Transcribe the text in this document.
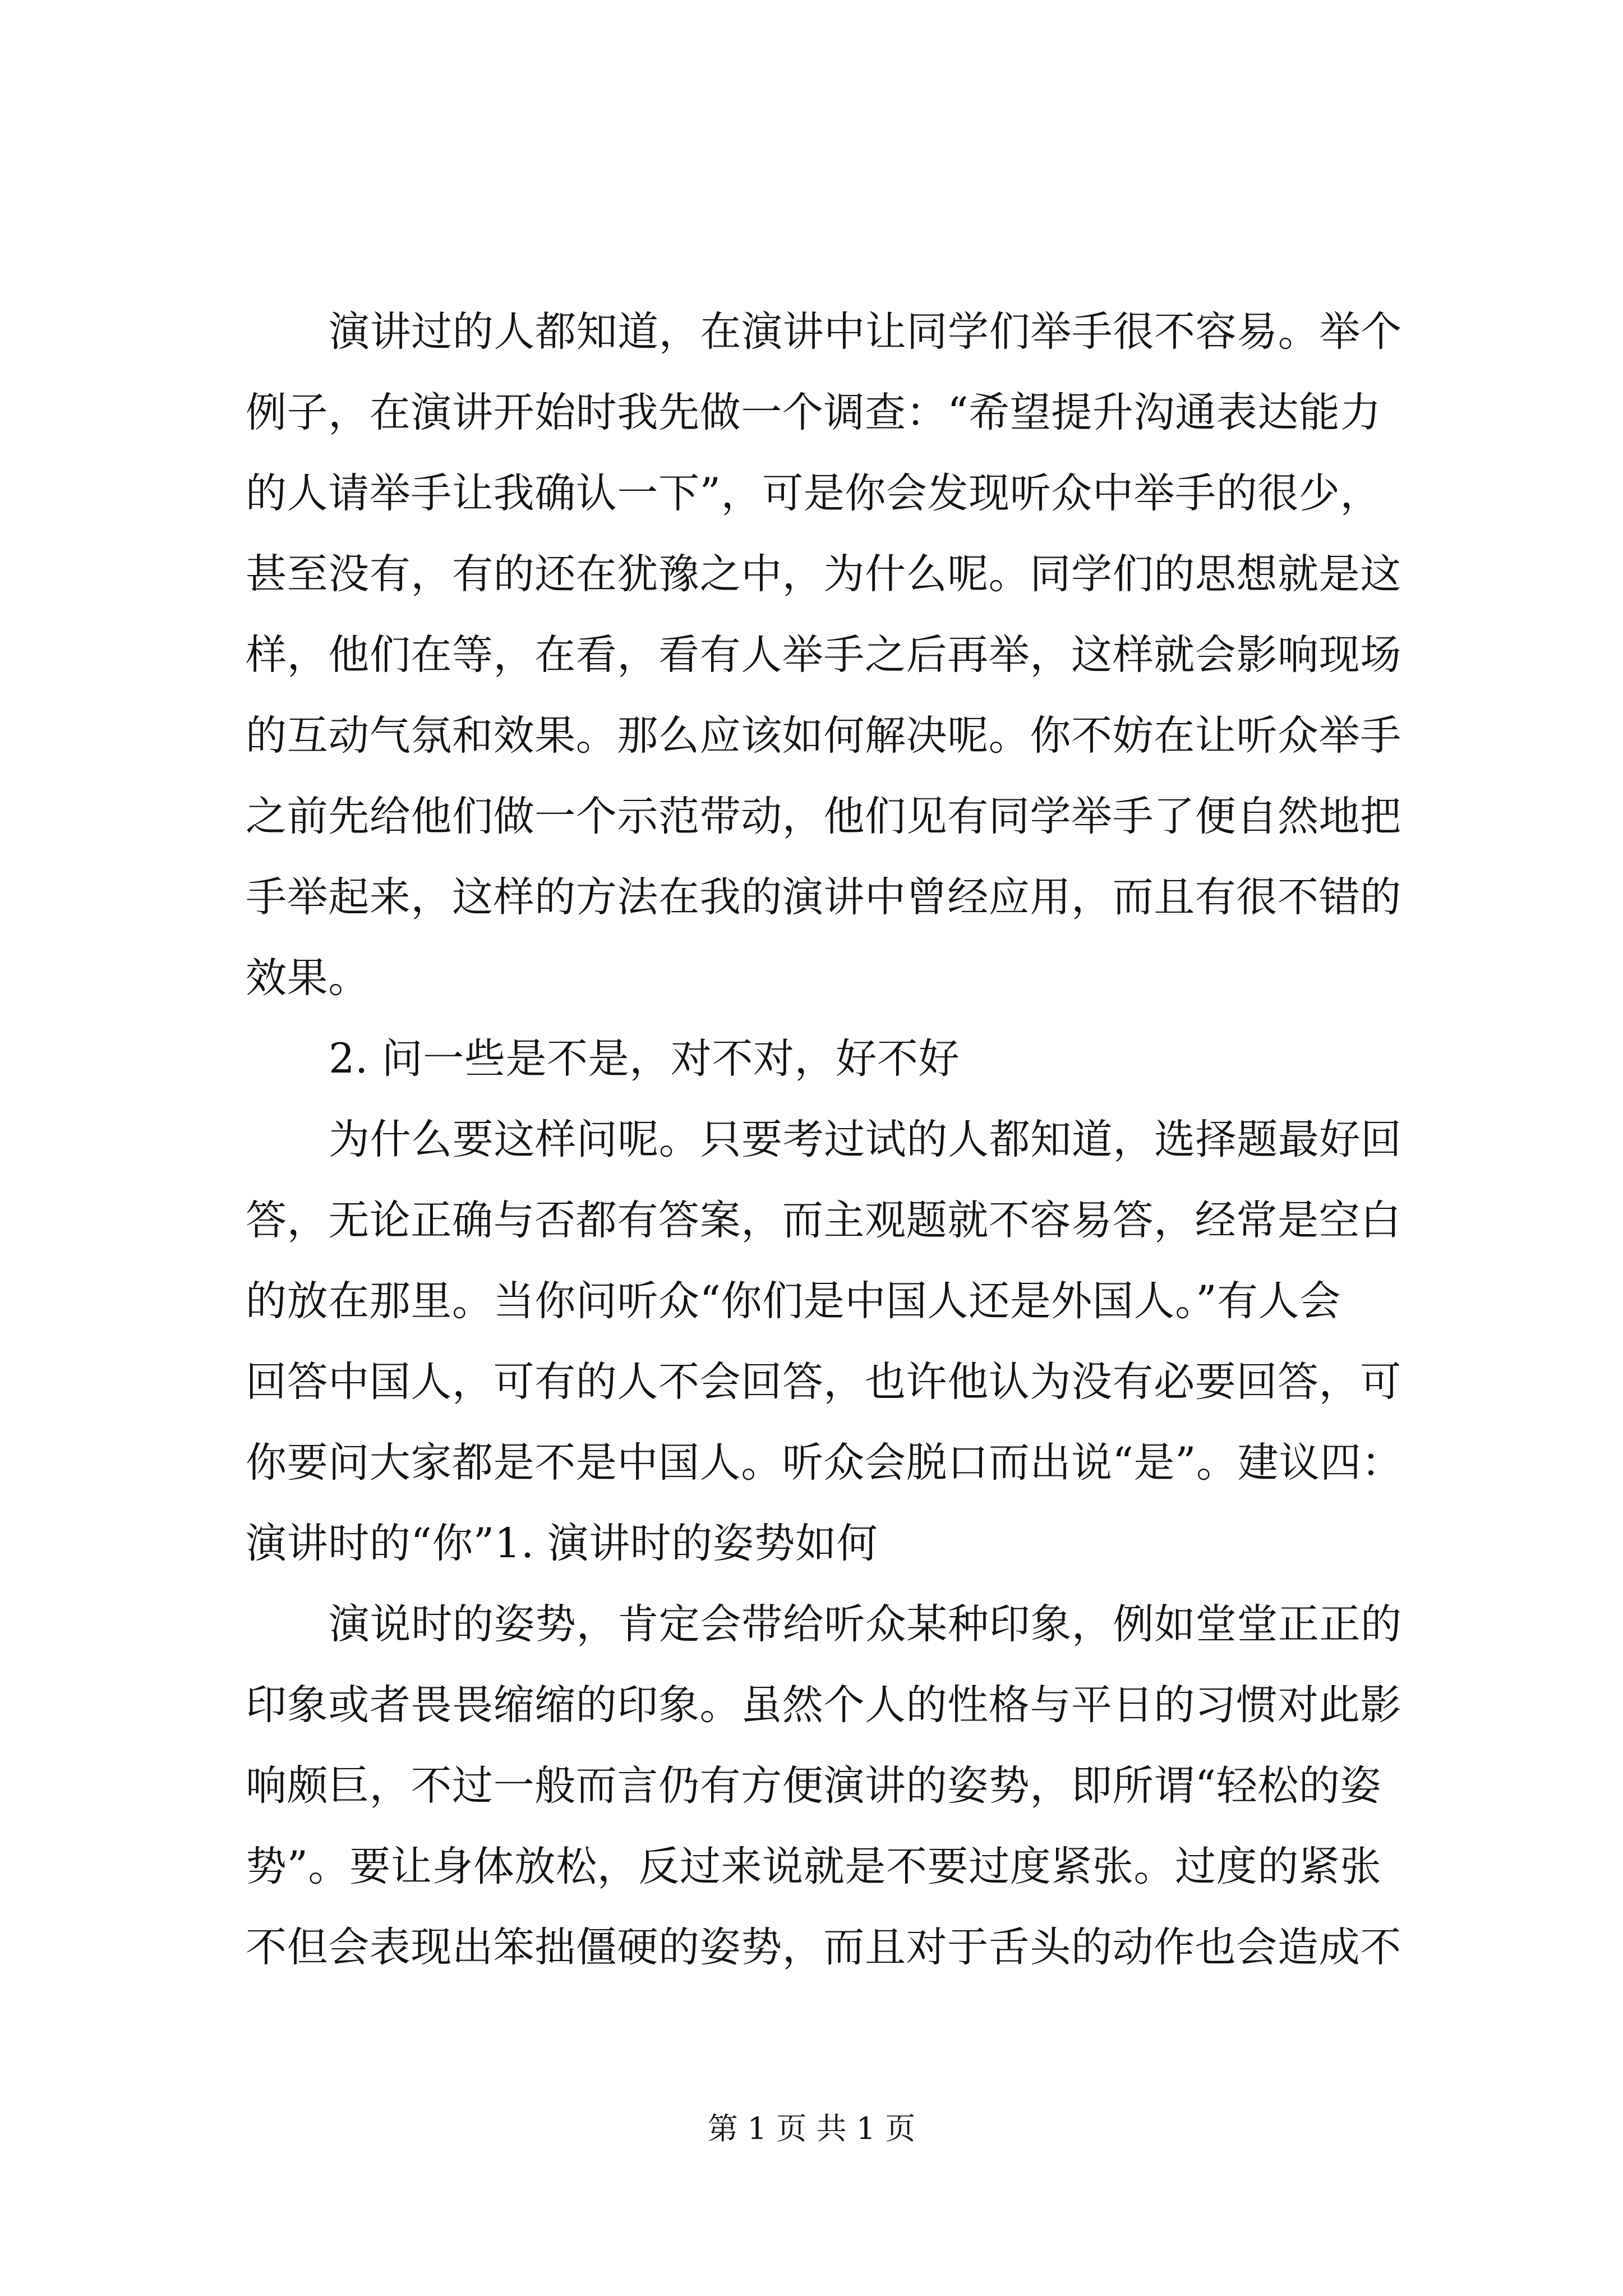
演讲过的人都知道，在演讲中让同学们举手很不容易。举个
例子，在演讲开始时我先做一个调查：“希望提升沟通表达能力
的人请举手让我确认一下”，可是你会发现听众中举手的很少，
甚至没有，有的还在犹豫之中，为什么呢。同学们的思想就是这
样，他们在等，在看，看有人举手之后再举，这样就会影响现场
的互动气氛和效果。那么应该如何解决呢。你不妨在让听众举手
之前先给他们做一个示范带动，他们见有同学举手了便自然地把
手举起来，这样的方法在我的演讲中曾经应用，而且有很不错的
效果。
2. 问一些是不是，对不对，好不好
为什么要这样问呢。只要考过试的人都知道，选择题最好回
答，无论正确与否都有答案，而主观题就不容易答，经常是空白
的放在那里。当你问听众“你们是中国人还是外国人。”有人会
回答中国人，可有的人不会回答，也许他认为没有必要回答，可
你要问大家都是不是中国人。听众会脱口而出说“是”。建议四：
演讲时的“你”1. 演讲时的姿势如何
演说时的姿势，肯定会带给听众某种印象，例如堂堂正正的
印象或者畏畏缩缩的印象。虽然个人的性格与平日的习惯对此影
响颇巨，不过一般而言仍有方便演讲的姿势，即所谓“轻松的姿
势”。要让身体放松，反过来说就是不要过度紧张。过度的紧张
不但会表现出笨拙僵硬的姿势，而且对于舌头的动作也会造成不
第 1 页 共 1 页
